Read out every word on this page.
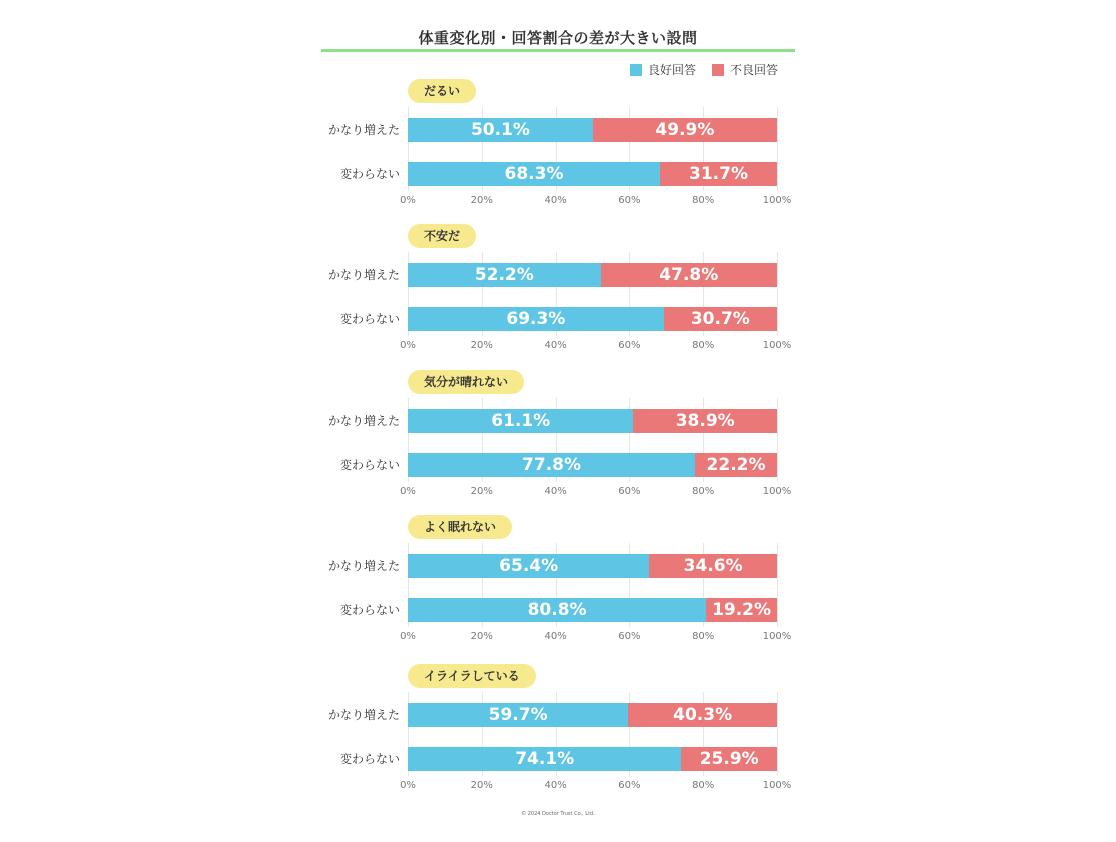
体重変化別・回答割合の差が大きい設問
良好回答	不良回答
だるい
かなり増えた	50.1%	49.9%
変わらない	68.3%	31.7%
0%	20%	40%	60%	80%	100%
不安だ
かなり増えた	52.2%	47.8%
変わらない	69.3%	30.7%
0%	20%	40%	60%	80%	100%
気分が晴れない
かなり増えた	61.1%	38.9%
変わらない	77.8%	22.2%
0%	20%	40%	60%	80%	100%
よく眠れない
かなり増えた	65.4%	34.6%
変わらない	80.8%	19.2%
0%	20%	40%	60%	80%	100%
イライラしている
かなり増えた	59.7%	40.3%
変わらない	74.1%	25.9%
0%	20%	40%	60%	80%	100%
© 2024 Doctor Trust Co., Ltd.
